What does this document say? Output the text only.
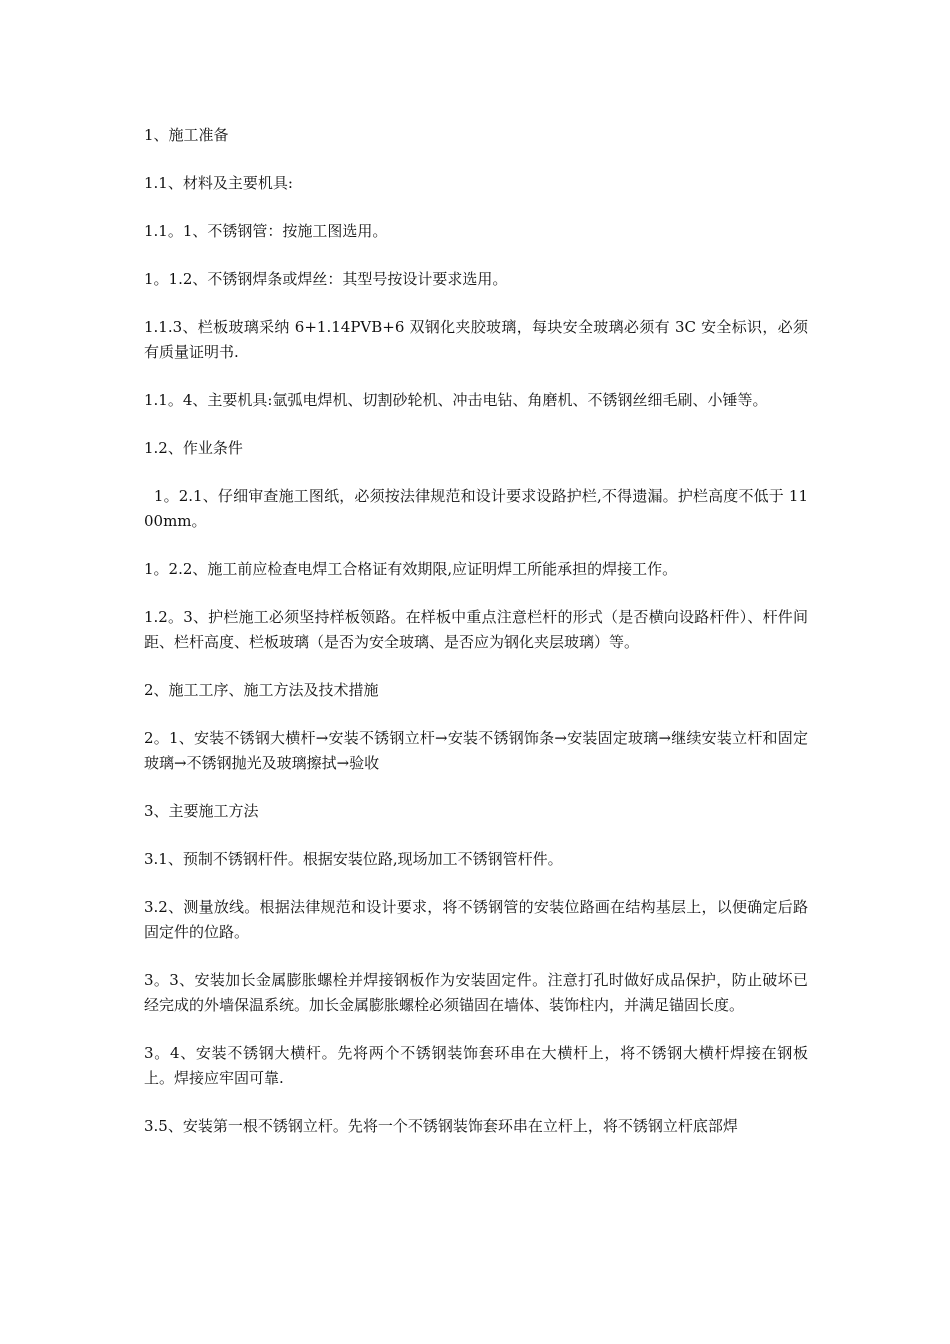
1、施工准备

1.1、材料及主要机具:

1.1。1、不锈钢管：按施工图选用。

1。1.2、不锈钢焊条或焊丝：其型号按设计要求选用。

1.1.3、栏板玻璃采纳 6+1.14PVB+6 双钢化夹胶玻璃，每块安全玻璃必须有 3C 安全标识，必须有质量证明书.

1.1。4、主要机具:氩弧电焊机、切割砂轮机、冲击电钻、角磨机、不锈钢丝细毛刷、小锤等。

1.2、作业条件

1。2.1、仔细审查施工图纸，必须按法律规范和设计要求设路护栏,不得遗漏。护栏高度不低于 1100mm。

1。2.2、施工前应检查电焊工合格证有效期限,应证明焊工所能承担的焊接工作。

1.2。3、护栏施工必须坚持样板领路。在样板中重点注意栏杆的形式（是否横向设路杆件）、杆件间距、栏杆高度、栏板玻璃（是否为安全玻璃、是否应为钢化夹层玻璃）等。

2、施工工序、施工方法及技术措施

2。1、安装不锈钢大横杆→安装不锈钢立杆→安装不锈钢饰条→安装固定玻璃→继续安装立杆和固定玻璃→不锈钢抛光及玻璃擦拭→验收

3、主要施工方法

3.1、预制不锈钢杆件。根据安装位路,现场加工不锈钢管杆件。

3.2、测量放线。根据法律规范和设计要求，将不锈钢管的安装位路画在结构基层上，以便确定后路固定件的位路。

3。3、安装加长金属膨胀螺栓并焊接钢板作为安装固定件。注意打孔时做好成品保护，防止破坏已经完成的外墙保温系统。加长金属膨胀螺栓必须锚固在墙体、装饰柱内，并满足锚固长度。

3。4、安装不锈钢大横杆。先将两个不锈钢装饰套环串在大横杆上，将不锈钢大横杆焊接在钢板上。焊接应牢固可靠.

3.5、安装第一根不锈钢立杆。先将一个不锈钢装饰套环串在立杆上，将不锈钢立杆底部焊
